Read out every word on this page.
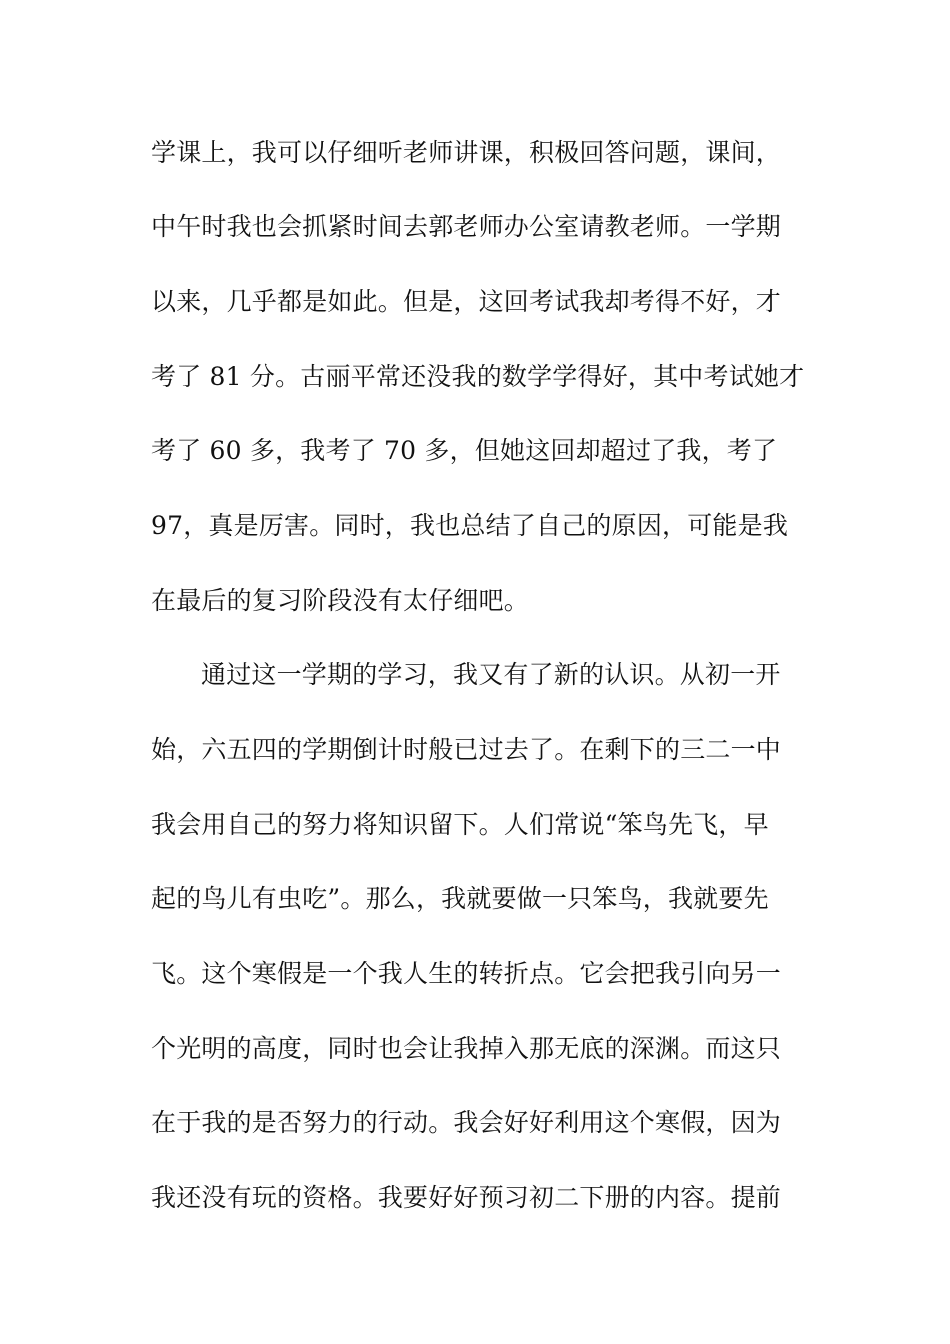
学课上，我可以仔细听老师讲课，积极回答问题，课间，
中午时我也会抓紧时间去郭老师办公室请教老师。一学期
以来，几乎都是如此。但是，这回考试我却考得不好，才
考了 81 分。古丽平常还没我的数学学得好，其中考试她才
考了 60 多，我考了 70 多，但她这回却超过了我，考了
97，真是厉害。同时，我也总结了自己的原因，可能是我
在最后的复习阶段没有太仔细吧。
通过这一学期的学习，我又有了新的认识。从初一开
始，六五四的学期倒计时般已过去了。在剩下的三二一中
我会用自己的努力将知识留下。人们常说“笨鸟先飞，早
起的鸟儿有虫吃”。那么，我就要做一只笨鸟，我就要先
飞。这个寒假是一个我人生的转折点。它会把我引向另一
个光明的高度，同时也会让我掉入那无底的深渊。而这只
在于我的是否努力的行动。我会好好利用这个寒假，因为
我还没有玩的资格。我要好好预习初二下册的内容。提前
